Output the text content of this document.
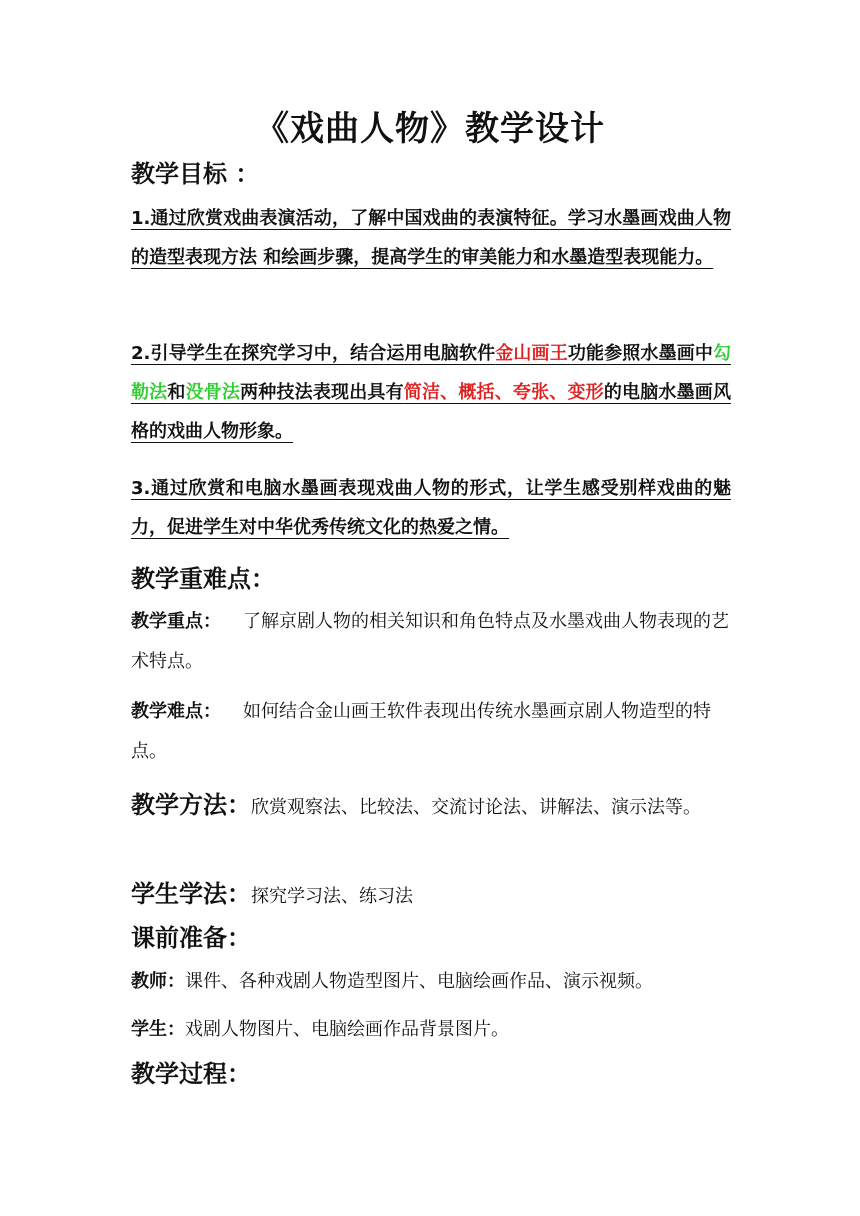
《戏曲人物》教学设计
教学目标 ：
1.通过欣赏戏曲表演活动，了解中国戏曲的表演特征。学习水墨画戏曲人物的造型表现方法 和绘画步骤，提高学生的审美能力和水墨造型表现能力。
2.引导学生在探究学习中，结合运用电脑软件金山画王功能参照水墨画中勾勒法和没骨法两种技法表现出具有简洁、概括、夸张、变形的电脑水墨画风格的戏曲人物形象。
3.通过欣赏和电脑水墨画表现戏曲人物的形式，让学生感受别样戏曲的魅力，促进学生对中华优秀传统文化的热爱之情。
教学重难点：
教学重点： 了解京剧人物的相关知识和角色特点及水墨戏曲人物表现的艺术特点。
教学难点： 如何结合金山画王软件表现出传统水墨画京剧人物造型的特点。
教学方法：欣赏观察法、比较法、交流讨论法、讲解法、演示法等。
学生学法：探究学习法、练习法
课前准备：
教师：课件、各种戏剧人物造型图片、电脑绘画作品、演示视频。
学生：戏剧人物图片、电脑绘画作品背景图片。
教学过程：
